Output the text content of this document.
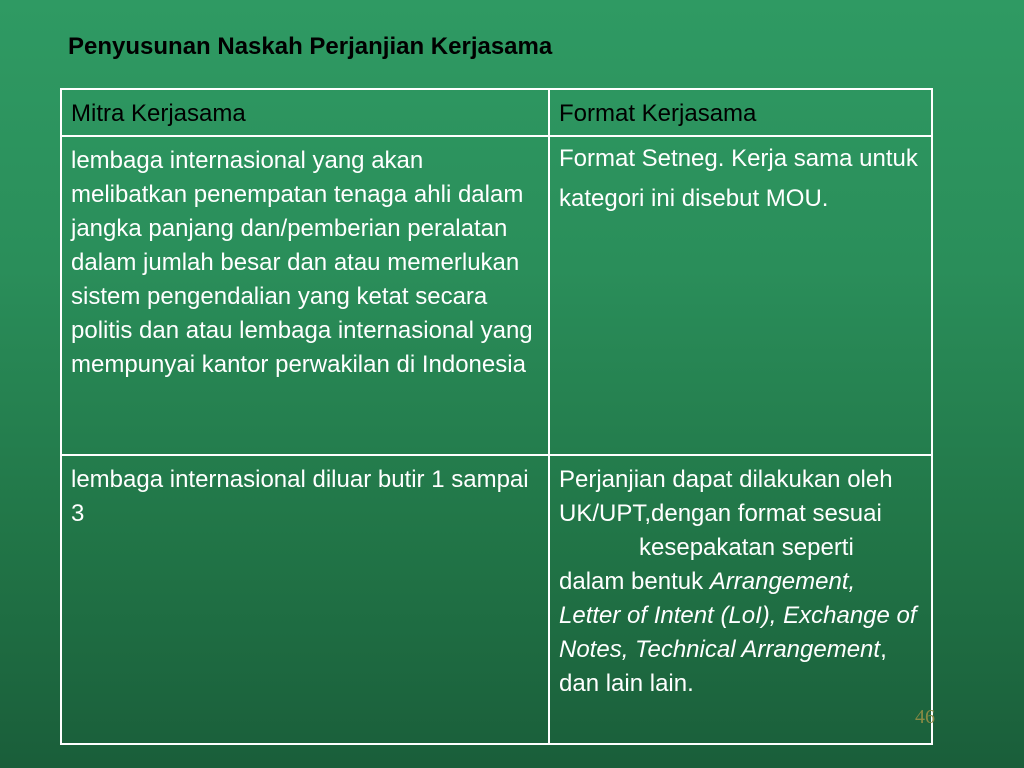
Penyusunan Naskah Perjanjian Kerjasama
Mitra Kerjasama	Format Kerjasama
lembaga internasional yang akan melibatkan penempatan tenaga ahli dalam jangka panjang dan/pemberian peralatan dalam jumlah besar dan atau memerlukan sistem pengendalian yang ketat secara politis dan atau lembaga internasional yang mempunyai kantor perwakilan di Indonesia	Format Setneg. Kerja sama untuk kategori ini disebut MOU.
lembaga internasional diluar butir 1 sampai 3	Perjanjian dapat dilakukan oleh UK/UPT,dengan format sesuaikesepakatan seperti dalam bentuk Arrangement, Letter of Intent (LoI), Exchange of Notes, Technical Arrangement, dan lain lain.
46
